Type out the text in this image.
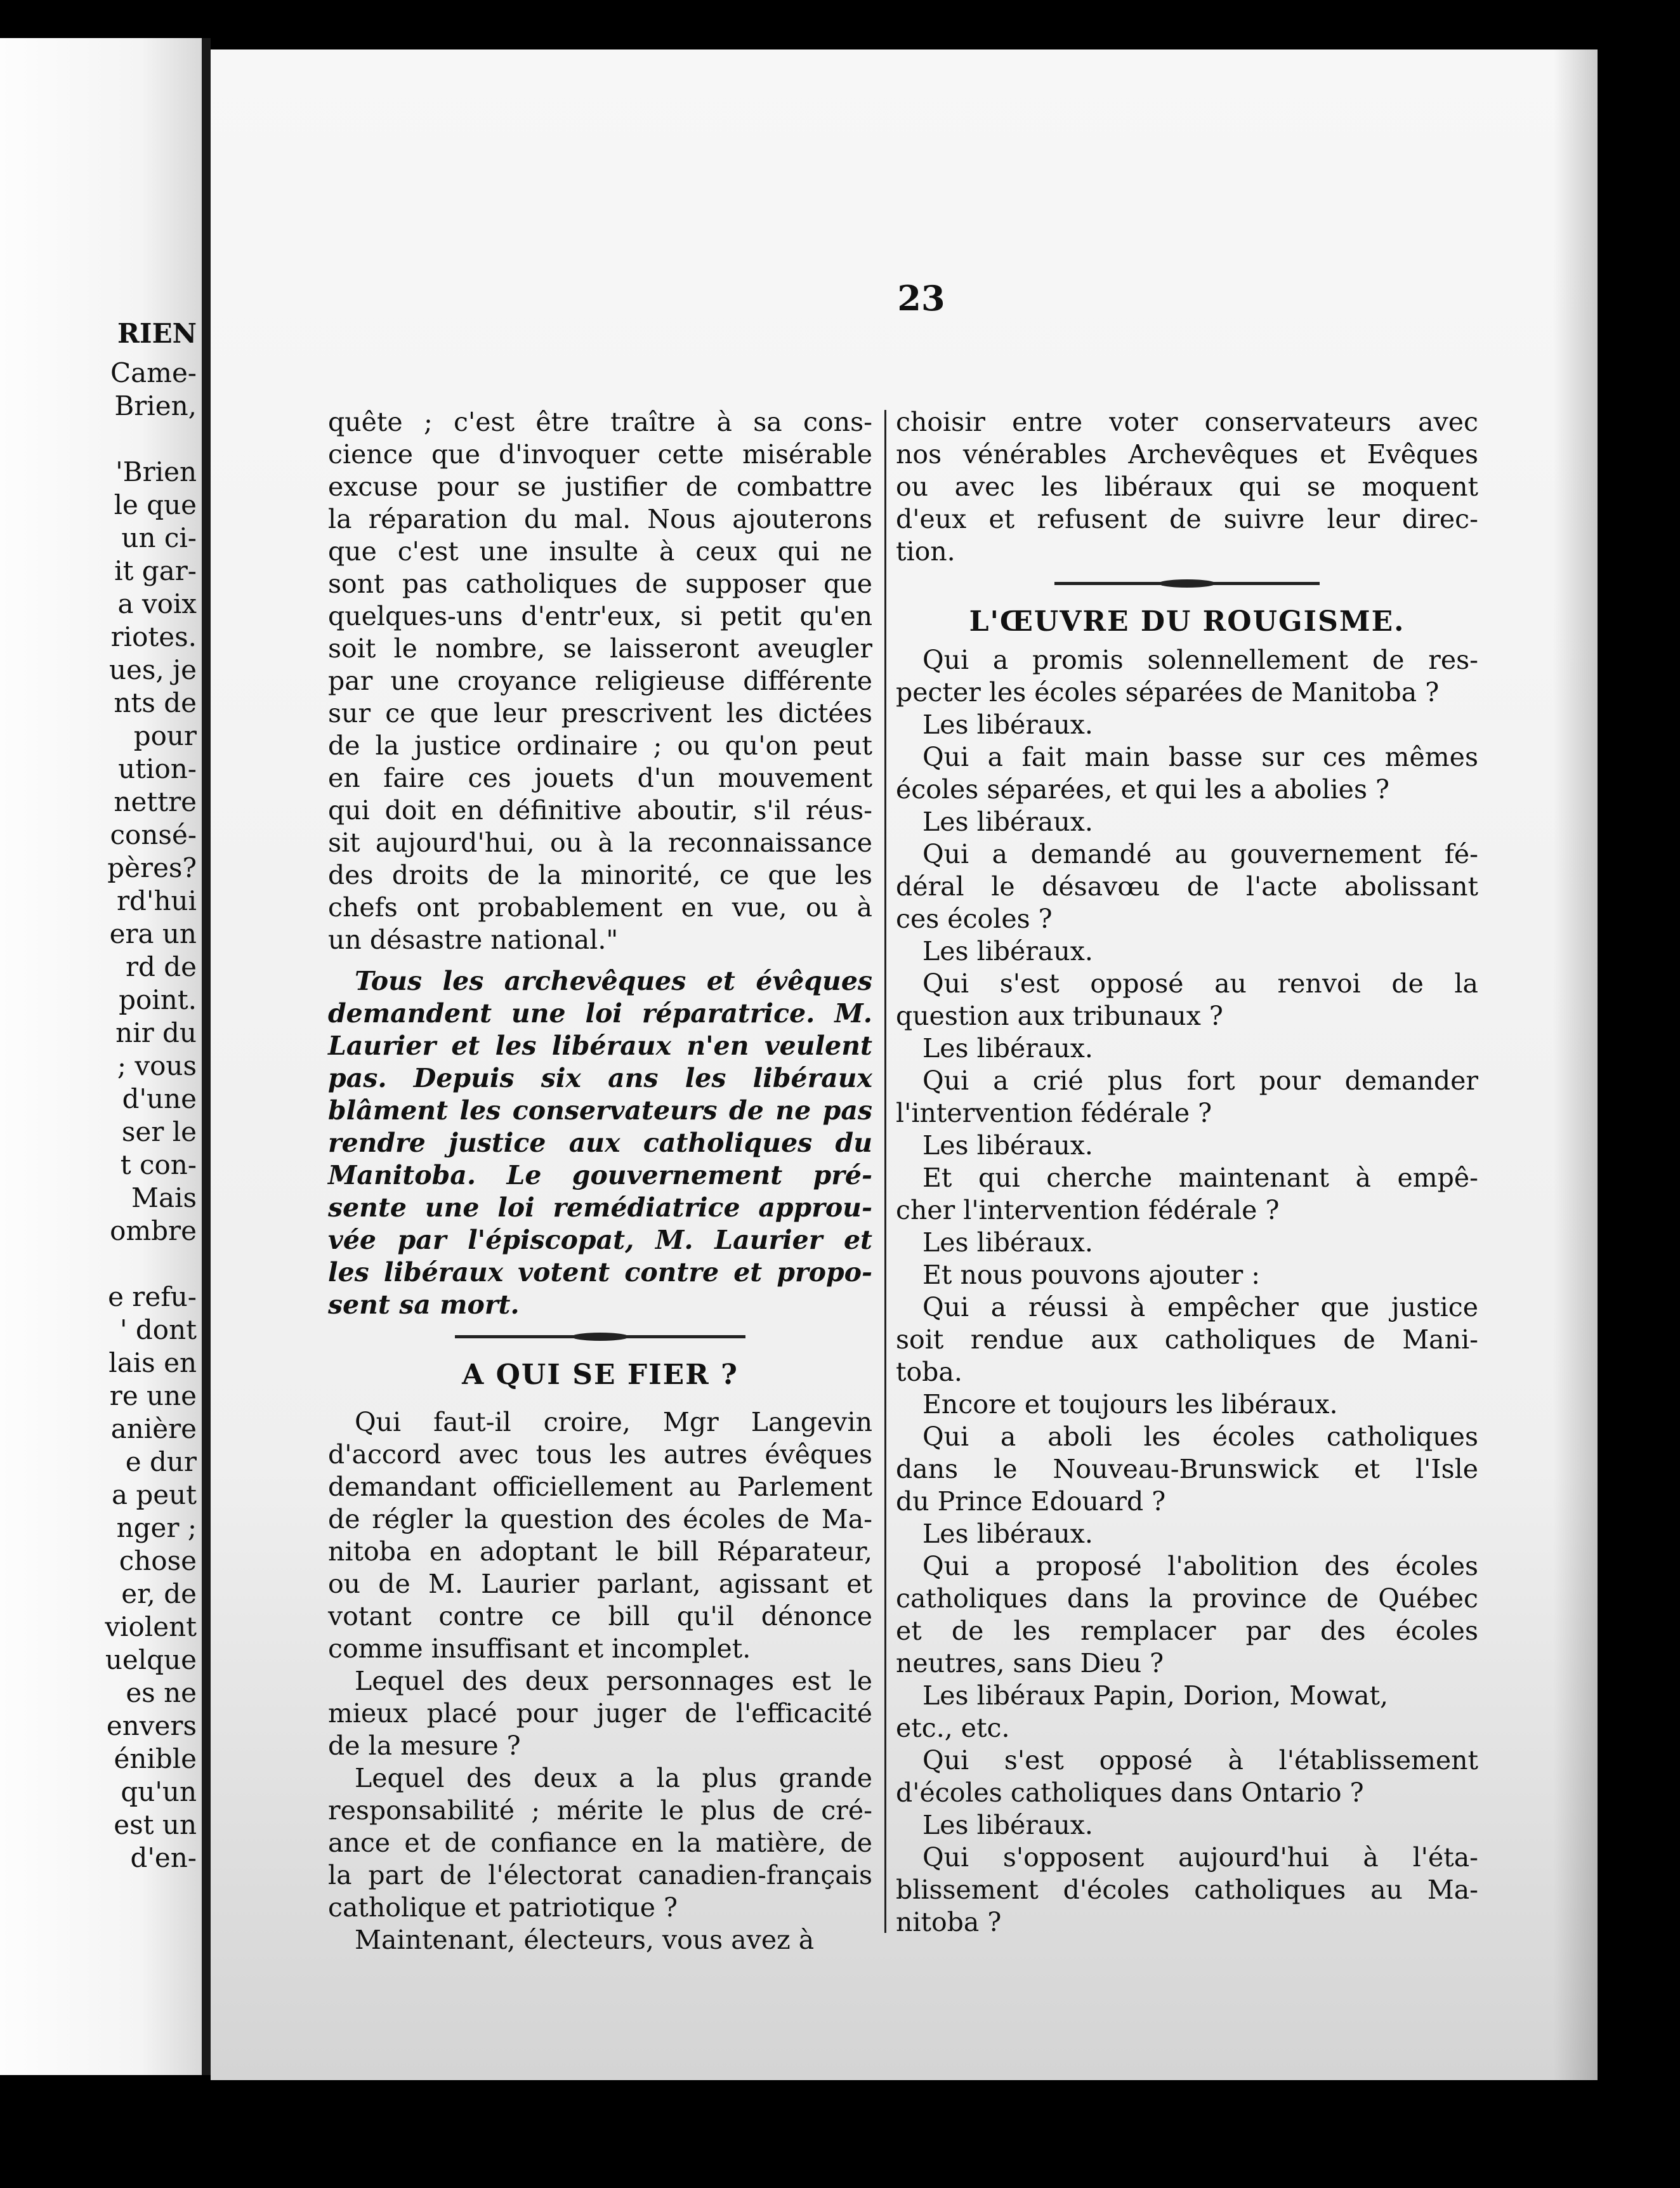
RIEN
Came-
Brien,
'Brien
le que
un ci-
it gar-
a voix
riotes.
ues, je
nts de
pour
ution-
nettre
consé-
pères?
rd'hui
era un
rd de
point.
nir du
; vous
d'une
ser le
t con-
Mais
ombre
e refu-
' dont
lais en
re une
anière
e dur
a peut
nger ;
chose
er, de
violent
uelque
es ne
envers
énible
qu'un
est un
d'en-
23
quête ; c'est être traître à sa cons-
cience que d'invoquer cette misérable
excuse pour se justifier de combattre
la réparation du mal. Nous ajouterons
que c'est une insulte à ceux qui ne
sont pas catholiques de supposer que
quelques-uns d'entr'eux, si petit qu'en
soit le nombre, se laisseront aveugler
par une croyance religieuse différente
sur ce que leur prescrivent les dictées
de la justice ordinaire ; ou qu'on peut
en faire ces jouets d'un mouvement
qui doit en définitive aboutir, s'il réus-
sit aujourd'hui, ou à la reconnaissance
des droits de la minorité, ce que les
chefs ont probablement en vue, ou à
un désastre national."
Tous les archevêques et évêques
demandent une loi réparatrice. M.
Laurier et les libéraux n'en veulent
pas. Depuis six ans les libéraux
blâment les conservateurs de ne pas
rendre justice aux catholiques du
Manitoba. Le gouvernement pré-
sente une loi remédiatrice approu-
vée par l'épiscopat, M. Laurier et
les libéraux votent contre et propo-
sent sa mort.
A QUI SE FIER ?
Qui faut-il croire, Mgr Langevin
d'accord avec tous les autres évêques
demandant officiellement au Parlement
de régler la question des écoles de Ma-
nitoba en adoptant le bill Réparateur,
ou de M. Laurier parlant, agissant et
votant contre ce bill qu'il dénonce
comme insuffisant et incomplet.
Lequel des deux personnages est le
mieux placé pour juger de l'efficacité
de la mesure ?
Lequel des deux a la plus grande
responsabilité ; mérite le plus de cré-
ance et de confiance en la matière, de
la part de l'électorat canadien-français
catholique et patriotique ?
Maintenant, électeurs, vous avez à
choisir entre voter conservateurs avec
nos vénérables Archevêques et Evêques
ou avec les libéraux qui se moquent
d'eux et refusent de suivre leur direc-
tion.
L'ŒUVRE DU ROUGISME.
Qui a promis solennellement de res-
pecter les écoles séparées de Manitoba ?
Les libéraux.
Qui a fait main basse sur ces mêmes
écoles séparées, et qui les a abolies ?
Les libéraux.
Qui a demandé au gouvernement fé-
déral le désavœu de l'acte abolissant
ces écoles ?
Les libéraux.
Qui s'est opposé au renvoi de la
question aux tribunaux ?
Les libéraux.
Qui a crié plus fort pour demander
l'intervention fédérale ?
Les libéraux.
Et qui cherche maintenant à empê-
cher l'intervention fédérale ?
Les libéraux.
Et nous pouvons ajouter :
Qui a réussi à empêcher que justice
soit rendue aux catholiques de Mani-
toba.
Encore et toujours les libéraux.
Qui a aboli les écoles catholiques
dans le Nouveau-Brunswick et l'Isle
du Prince Edouard ?
Les libéraux.
Qui a proposé l'abolition des écoles
catholiques dans la province de Québec
et de les remplacer par des écoles
neutres, sans Dieu ?
Les libéraux Papin, Dorion, Mowat,
etc., etc.
Qui s'est opposé à l'établissement
d'écoles catholiques dans Ontario ?
Les libéraux.
Qui s'opposent aujourd'hui à l'éta-
blissement d'écoles catholiques au Ma-
nitoba ?
